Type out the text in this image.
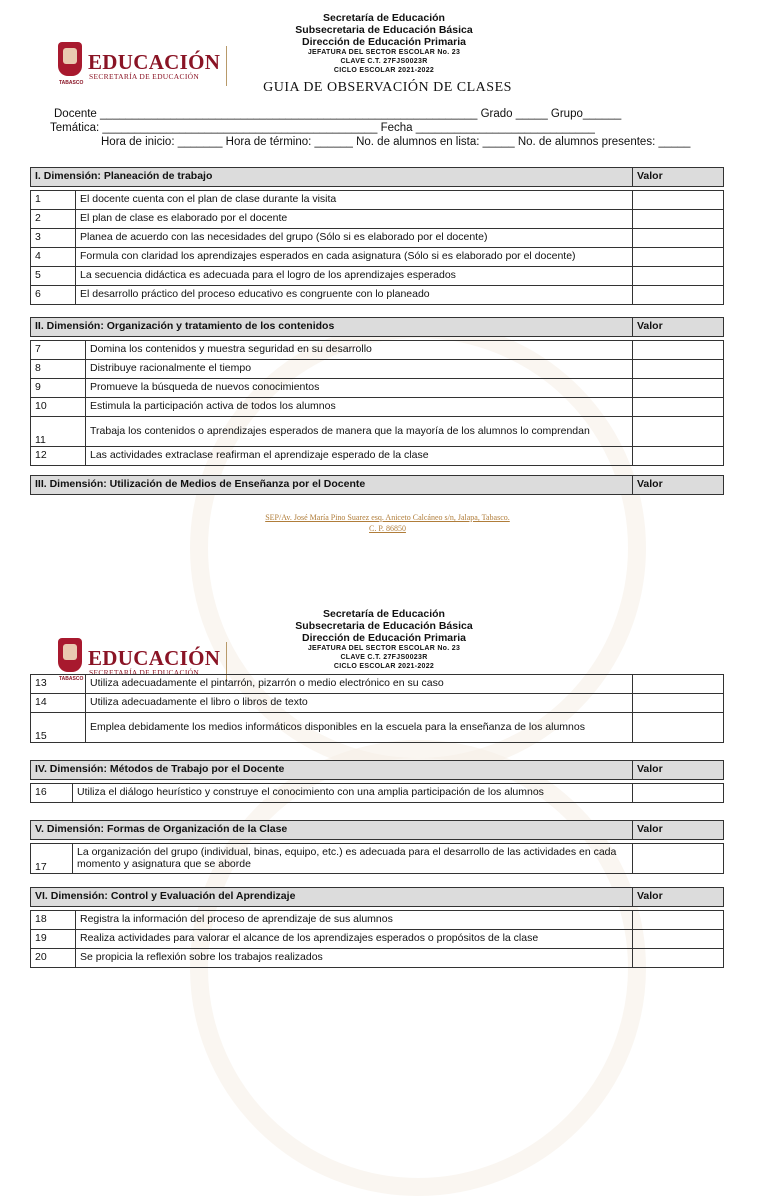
Secretaría de Educación
Subsecretaria de Educación Básica
Dirección de Educación Primaria
JEFATURA DEL SECTOR ESCOLAR No. 23
CLAVE C.T. 27FJS0023R
CICLO ESCOLAR 2021-2022
TABASCO
EDUCACIÓN
SECRETARÍA DE EDUCACIÓN
GUIA DE OBSERVACIÓN DE CLASES
Docente ___________________________________________________________ Grado _____ Grupo______
Temática: ___________________________________________ Fecha ____________________________
Hora de inicio: _______ Hora de término: ______ No. de alumnos en lista: _____ No. de alumnos presentes: _____
I. Dimensión: Planeación de trabajo		Valor

1	El docente cuenta con el plan de clase durante la visita	
2	El plan de clase es elaborado por el docente	
3	Planea de acuerdo con las necesidades del grupo (Sólo si es elaborado por el docente)	
4	Formula con claridad los aprendizajes esperados en cada asignatura (Sólo si es elaborado por el docente)	
5	La secuencia didáctica es adecuada para el logro de los aprendizajes esperados	
6	El desarrollo práctico del proceso educativo es congruente con lo planeado	
II. Dimensión: Organización y tratamiento de los contenidos		Valor

7	Domina los contenidos y muestra seguridad en su desarrollo	
8	Distribuye racionalmente el tiempo	
9	Promueve la búsqueda de nuevos conocimientos	
10	Estimula la participación activa de todos los alumnos	
11	Trabaja los contenidos o aprendizajes esperados de manera que la mayoría de los alumnos lo comprendan	
12	Las actividades extraclase reafirman el aprendizaje esperado de la clase	
III. Dimensión: Utilización de Medios de Enseñanza por el Docente	Valor
SEP/Av. José María Pino Suarez esq. Aniceto Calcáneo s/n, Jalapa, Tabasco.
C. P. 86850
Secretaría de Educación
Subsecretaria de Educación Básica
Dirección de Educación Primaria
JEFATURA DEL SECTOR ESCOLAR No. 23
CLAVE C.T. 27FJS0023R
CICLO ESCOLAR 2021-2022
TABASCO
EDUCACIÓN
SECRETARÍA DE EDUCACIÓN
13	Utiliza adecuadamente el pintarrón, pizarrón o medio electrónico en su caso	
14	Utiliza adecuadamente el libro o libros de texto	
15	Emplea debidamente los medios informáticos disponibles en la escuela para la enseñanza de los alumnos	
IV. Dimensión: Métodos de Trabajo por el Docente		Valor

16	Utiliza el diálogo heurístico y construye el conocimiento con una amplia participación de los alumnos	
V. Dimensión: Formas de Organización de la Clase		Valor

17	La organización del grupo (individual, binas, equipo, etc.) es adecuada para el desarrollo de las actividades en cada momento y asignatura que se aborde	
VI. Dimensión: Control y Evaluación del Aprendizaje		Valor

18	Registra la información del proceso de aprendizaje de sus alumnos	
19	Realiza actividades para valorar el alcance de los aprendizajes esperados o propósitos de la clase	
20	Se propicia la reflexión sobre los trabajos realizados	
